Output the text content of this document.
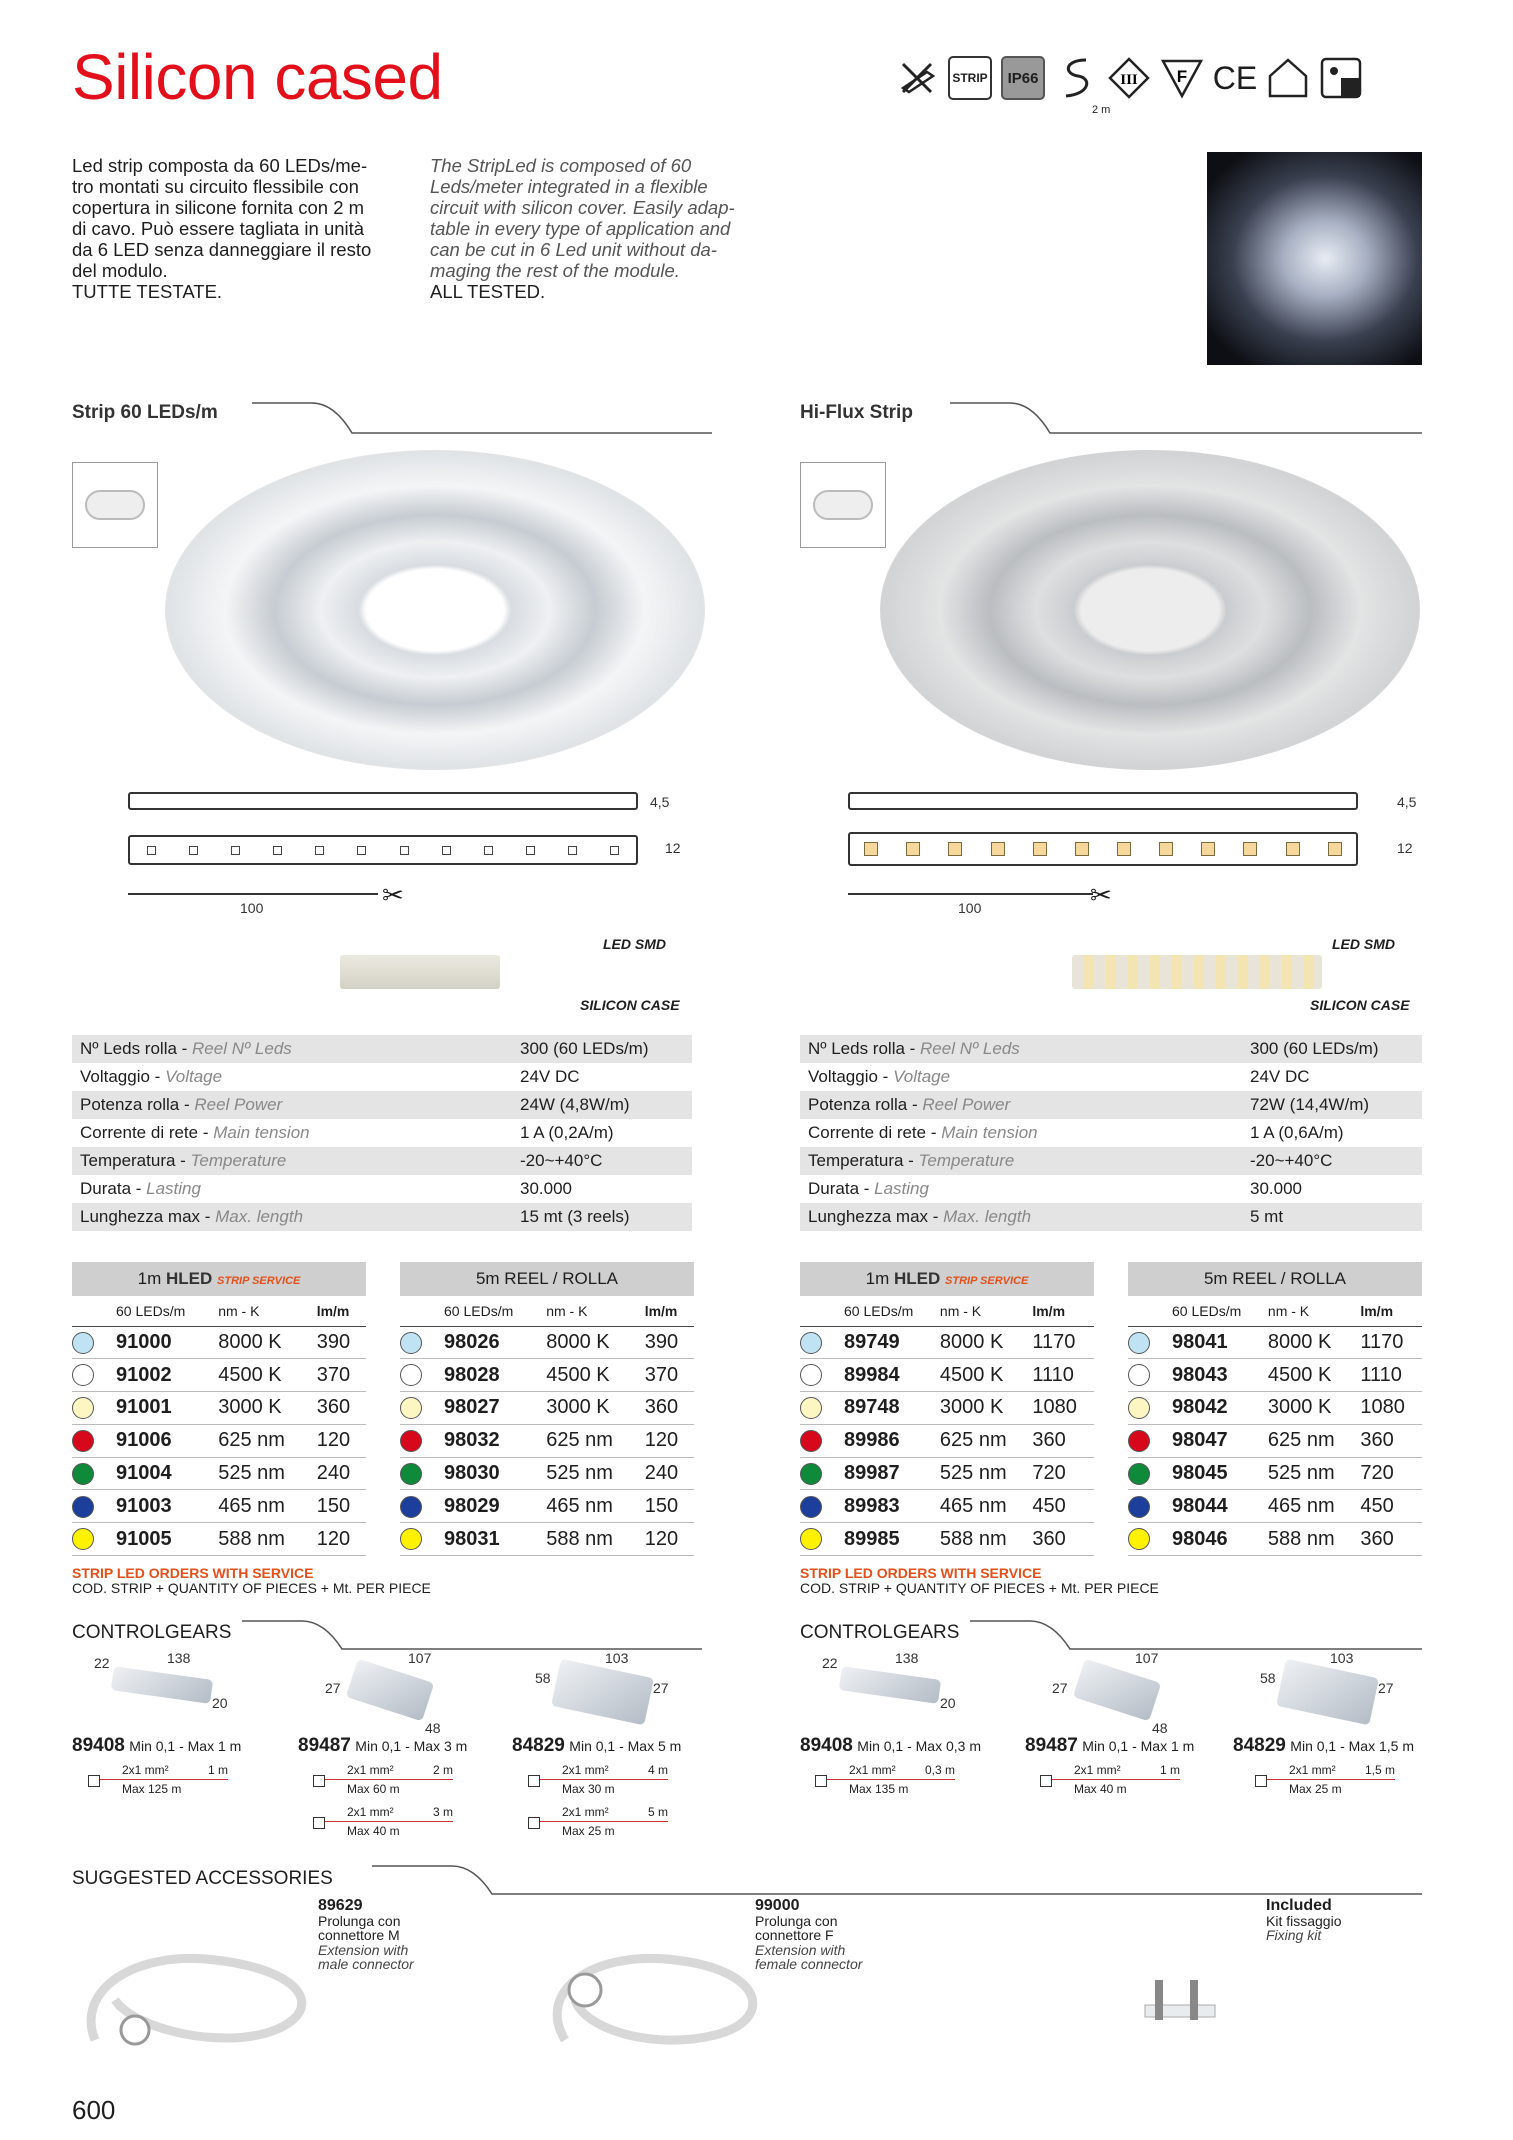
Silicon cased	STRIP IP66	III F CE
2 m
Led strip composta da 60 LEDs/me-
tro montati su circuito flessibile con
copertura in silicone fornita con 2 m
di cavo. Può essere tagliata in unità
da 6 LED senza danneggiare il resto
del modulo.
TUTTE TESTATE.
The StripLed is composed of 60
Leds/meter integrated in a flexible
circuit with silicon cover. Easily adap-
table in every type of application and
can be cut in 6 Led unit without da-
maging the rest of the module.
ALL TESTED.
Strip 60 LEDs/m
4,5
12
✂
100
LED SMD
SILICON CASE
Nº Leds rolla - Reel Nº Leds	300 (60 LEDs/m)
Voltaggio - Voltage	24V DC
Potenza rolla - Reel Power	24W (4,8W/m)
Corrente di rete - Main tension	1 A (0,2A/m)
Temperatura - Temperature	-20~+40°C
Durata - Lasting	30.000
Lunghezza max - Max. length	15 mt (3 reels)
1m HLED STRIP SERVICE			
	60 LEDs/m	nm - K	lm/m
	91000	8000 K	390
	91002	4500 K	370
	91001	3000 K	360
	91006	625 nm	120
	91004	525 nm	240
	91003	465 nm	150
	91005	588 nm	120
5m REEL / ROLLA			
	60 LEDs/m	nm - K	lm/m
	98026	8000 K	390
	98028	4500 K	370
	98027	3000 K	360
	98032	625 nm	120
	98030	525 nm	240
	98029	465 nm	150
	98031	588 nm	120
STRIP LED ORDERS WITH SERVICE
COD. STRIP + QUANTITY OF PIECES + Mt. PER PIECE
CONTROLGEARS
22	138
20
107
27
48
103
58
27
89408 Min 0,1 - Max 1 m	89487 Min 0,1 - Max 3 m 84829 Min 0,1 - Max 5 m
2x1 mm²	1 m
Max 125 m
2x1 mm²	2 m
Max 60 m
2x1 mm²	3 m
Max 40 m
2x1 mm²	4 m
Max 30 m
2x1 mm²	5 m
Max 25 m
Hi-Flux Strip
4,5
12
✂
100
LED SMD
SILICON CASE
Nº Leds rolla - Reel Nº Leds	300 (60 LEDs/m)
Voltaggio - Voltage	24V DC
Potenza rolla - Reel Power	72W (14,4W/m)
Corrente di rete - Main tension	1 A (0,6A/m)
Temperatura - Temperature	-20~+40°C
Durata - Lasting	30.000
Lunghezza max - Max. length	5 mt
1m HLED STRIP SERVICE			
	60 LEDs/m	nm - K	lm/m
	89749	8000 K	1170
	89984	4500 K	1110
	89748	3000 K	1080
	89986	625 nm	360
	89987	525 nm	720
	89983	465 nm	450
	89985	588 nm	360
5m REEL / ROLLA			
	60 LEDs/m	nm - K	lm/m
	98041	8000 K	1170
	98043	4500 K	1110
	98042	3000 K	1080
	98047	625 nm	360
	98045	525 nm	720
	98044	465 nm	450
	98046	588 nm	360
STRIP LED ORDERS WITH SERVICE
COD. STRIP + QUANTITY OF PIECES + Mt. PER PIECE
CONTROLGEARS
22	138
20
107
27
48
103
58
27
89408 Min 0,1 - Max 0,3 m 89487 Min 0,1 - Max 1 m 84829 Min 0,1 - Max 1,5 m
2x1 mm² 0,3 m
Max 135 m
2x1 mm²	1 m
Max 40 m
2x1 mm² 1,5 m
Max 25 m
SUGGESTED ACCESSORIES
89629
Prolunga con
connettore M
Extension with
male connector
99000
Prolunga con
connettore F
Extension with
female connector
Included
Kit fissaggio
Fixing kit
600
